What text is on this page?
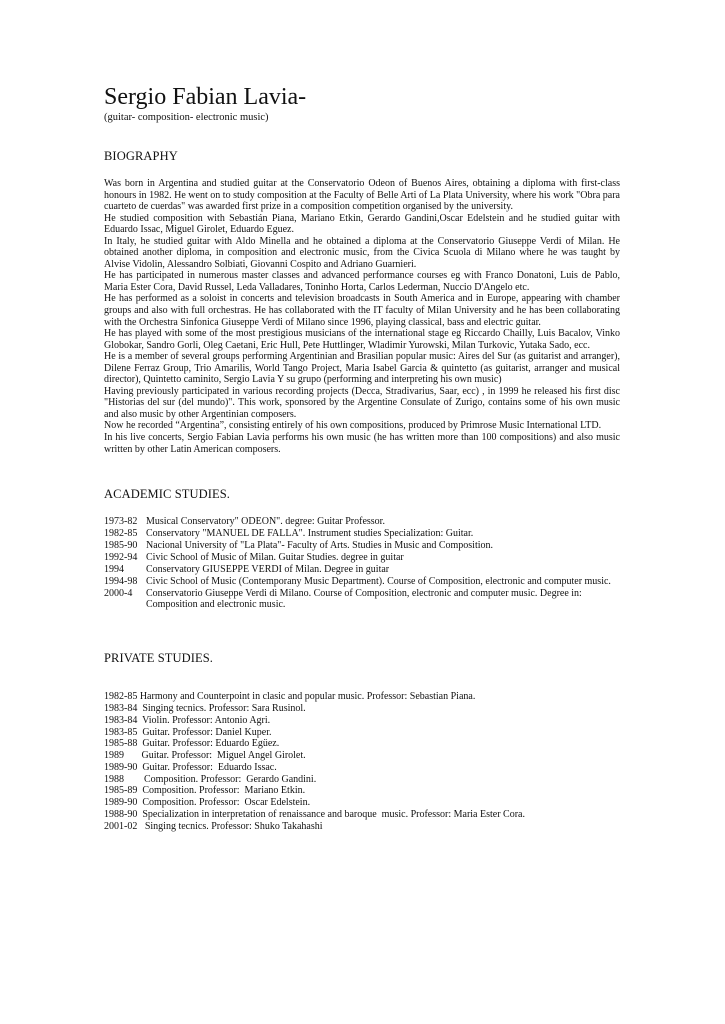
Sergio Fabian Lavia-
(guitar- composition- electronic music)
BIOGRAPHY

Was born in Argentina and studied guitar at the Conservatorio Odeon of Buenos Aires, obtaining a diploma with first-class honours in 1982. He went on to study composition at the Faculty of Belle Arti of La Plata University, where his work "Obra para cuarteto de cuerdas" was awarded first prize in a composition competition organised by the university.

He studied composition with Sebastián Piana, Mariano Etkin, Gerardo Gandini,Oscar Edelstein and he studied guitar with Eduardo Issac, Miguel Girolet, Eduardo Eguez.

In Italy, he studied guitar with Aldo Minella and he obtained a diploma at the Conservatorio Giuseppe Verdi of Milan. He obtained another diploma, in composition and electronic music, from the Civica Scuola di Milano where he was taught by Alvise Vidolin, Alessandro Solbiati, Giovanni Cospito and Adriano Guarnieri.

He has participated in numerous master classes and advanced performance courses eg with Franco Donatoni, Luis de Pablo, Maria Ester Cora, David Russel, Leda Valladares, Toninho Horta, Carlos Lederman, Nuccio D'Angelo etc.

He has performed as a soloist in concerts and television broadcasts in South America and in Europe, appearing with chamber groups and also with full orchestras. He has collaborated with the IT faculty of Milan University and he has been collaborating with the Orchestra Sinfonica Giuseppe Verdi of Milano since 1996, playing classical, bass and electric guitar.

He has played with some of the most prestigious musicians of the international stage eg Riccardo Chailly, Luis Bacalov, Vinko Globokar, Sandro Gorli, Oleg Caetani, Eric Hull, Pete Huttlinger, Wladimir Yurowski, Milan Turkovic, Yutaka Sado, ecc.

He is a member of several groups performing Argentinian and Brasilian popular music: Aires del Sur (as guitarist and arranger), Dilene Ferraz Group, Trio Amarilis, World Tango Project, Maria Isabel Garcia & quintetto (as guitarist, arranger and musical director), Quintetto caminito, Sergio Lavia Y su grupo (performing and interpreting his own music)

Having previously participated in various recording projects (Decca, Stradivarius, Saar, ecc) , in 1999 he released his first disc "Historias del sur (del mundo)". This work, sponsored by the Argentine Consulate of Zurigo, contains some of his own music and also music by other Argentinian composers.

Now he recorded “Argentina”, consisting entirely of his own compositions, produced by Primrose Music International LTD.

In his live concerts, Sergio Fabian Lavia performs his own music (he has written more than 100 compositions) and also music written by other Latin American composers.

ACADEMIC STUDIES.
1973-82 Musical Conservatory" ODEON". degree: Guitar Professor.
1982-85 Conservatory "MANUEL DE FALLA". Instrument studies Specialization: Guitar.
1985-90 Nacional University of "La Plata"- Faculty of Arts. Studies in Music and Composition.
1992-94 Civic School of Music of Milan. Guitar Studies. degree in guitar
1994	Conservatory GIUSEPPE VERDI of Milan. Degree in guitar
1994-98 Civic School of Music (Contemporany Music Department). Course of Composition, electronic and computer music.
2000-4	Conservatorio Giuseppe Verdi di Milano. Course of Composition, electronic and computer music. Degree in: Composition and electronic music.
PRIVATE STUDIES.
1982-85 Harmony and Counterpoint in clasic and popular music. Professor: Sebastian Piana.
1983-84  Singing tecnics. Professor: Sara Rusinol.
1983-84  Violin. Professor: Antonio Agri.
1983-85  Guitar. Professor: Daniel Kuper.
1985-88  Guitar. Professor: Eduardo Egüez.
1989       Guitar. Professor:  Miguel Angel Girolet.
1989-90  Guitar. Professor:  Eduardo Issac.
1988        Composition. Professor:  Gerardo Gandini.
1985-89  Composition. Professor:  Mariano Etkin.
1989-90  Composition. Professor:  Oscar Edelstein.
1988-90  Specialization in interpretation of renaissance and baroque  music. Professor: Maria Ester Cora.
2001-02   Singing tecnics. Professor: Shuko Takahashi
